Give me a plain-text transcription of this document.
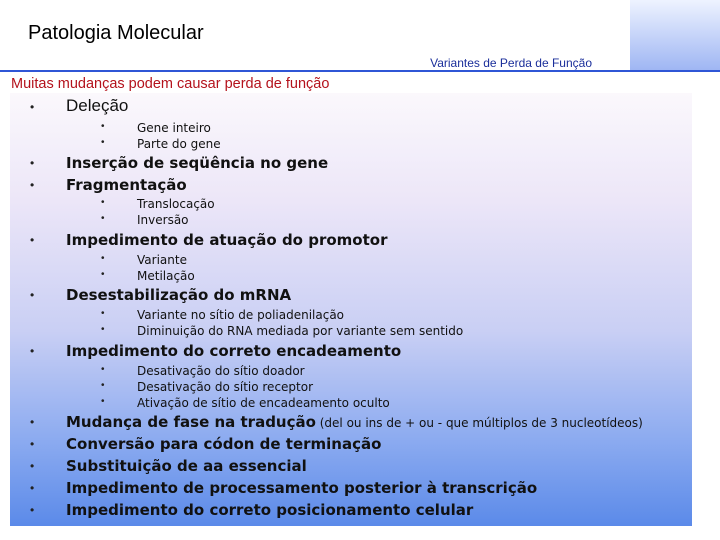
Patologia Molecular
Variantes de Perda de Função
Muitas mudanças podem causar perda de função
• Deleção
•	Gene inteiro
•	Parte do gene
• Inserção de seqüência no gene
• Fragmentação
•	Translocação
•	Inversão
• Impedimento de atuação do promotor
•	Variante
•	Metilação
• Desestabilização do mRNA
•	Variante no sítio de poliadenilação
•	Diminuição do RNA mediada por variante sem sentido
• Impedimento do correto encadeamento
•	Desativação do sítio doador
•	Desativação do sítio receptor
•	Ativação de sítio de encadeamento oculto
• Mudança de fase na tradução (del ou ins de + ou - que múltiplos de 3 nucleotídeos)
• Conversão para códon de terminação
• Substituição de aa essencial
• Impedimento de processamento posterior à transcrição
• Impedimento do correto posicionamento celular
